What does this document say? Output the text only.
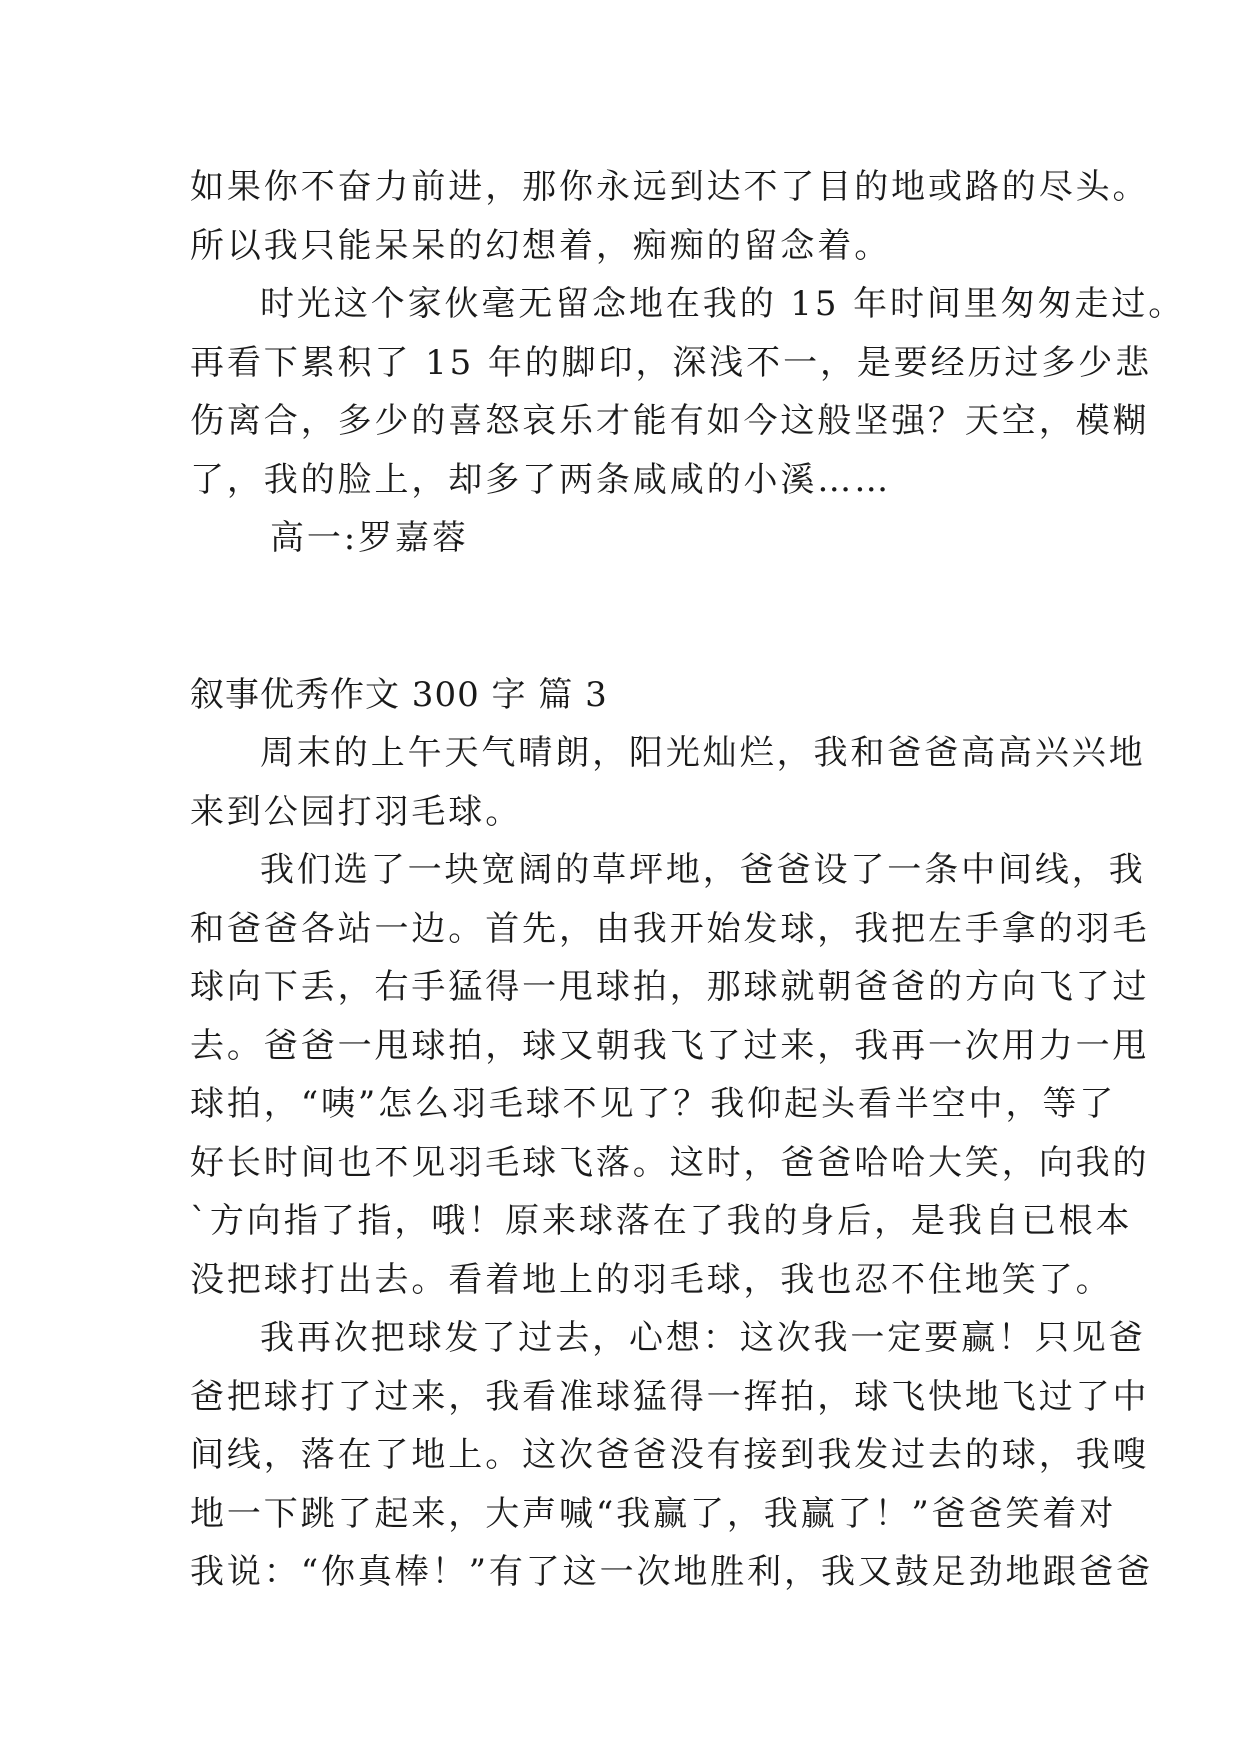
如果你不奋力前进，那你永远到达不了目的地或路的尽头。
所以我只能呆呆的幻想着，痴痴的留念着。
时光这个家伙毫无留念地在我的 15 年时间里匆匆走过。
再看下累积了 15 年的脚印，深浅不一，是要经历过多少悲
伤离合，多少的喜怒哀乐才能有如今这般坚强？天空，模糊
了，我的脸上，却多了两条咸咸的小溪……
高一:罗嘉蓉
叙事优秀作文 300 字 篇 3
周末的上午天气晴朗，阳光灿烂，我和爸爸高高兴兴地
来到公园打羽毛球。
我们选了一块宽阔的草坪地，爸爸设了一条中间线，我
和爸爸各站一边。首先，由我开始发球，我把左手拿的羽毛
球向下丢，右手猛得一甩球拍，那球就朝爸爸的方向飞了过
去。爸爸一甩球拍，球又朝我飞了过来，我再一次用力一甩
球拍，“咦”怎么羽毛球不见了？我仰起头看半空中，等了
好长时间也不见羽毛球飞落。这时，爸爸哈哈大笑，向我的
`方向指了指，哦！原来球落在了我的身后，是我自已根本
没把球打出去。看着地上的羽毛球，我也忍不住地笑了。
我再次把球发了过去，心想：这次我一定要赢！只见爸
爸把球打了过来，我看准球猛得一挥拍，球飞快地飞过了中
间线，落在了地上。这次爸爸没有接到我发过去的球，我嗖
地一下跳了起来，大声喊“我赢了，我赢了！”爸爸笑着对
我说：“你真棒！”有了这一次地胜利，我又鼓足劲地跟爸爸
